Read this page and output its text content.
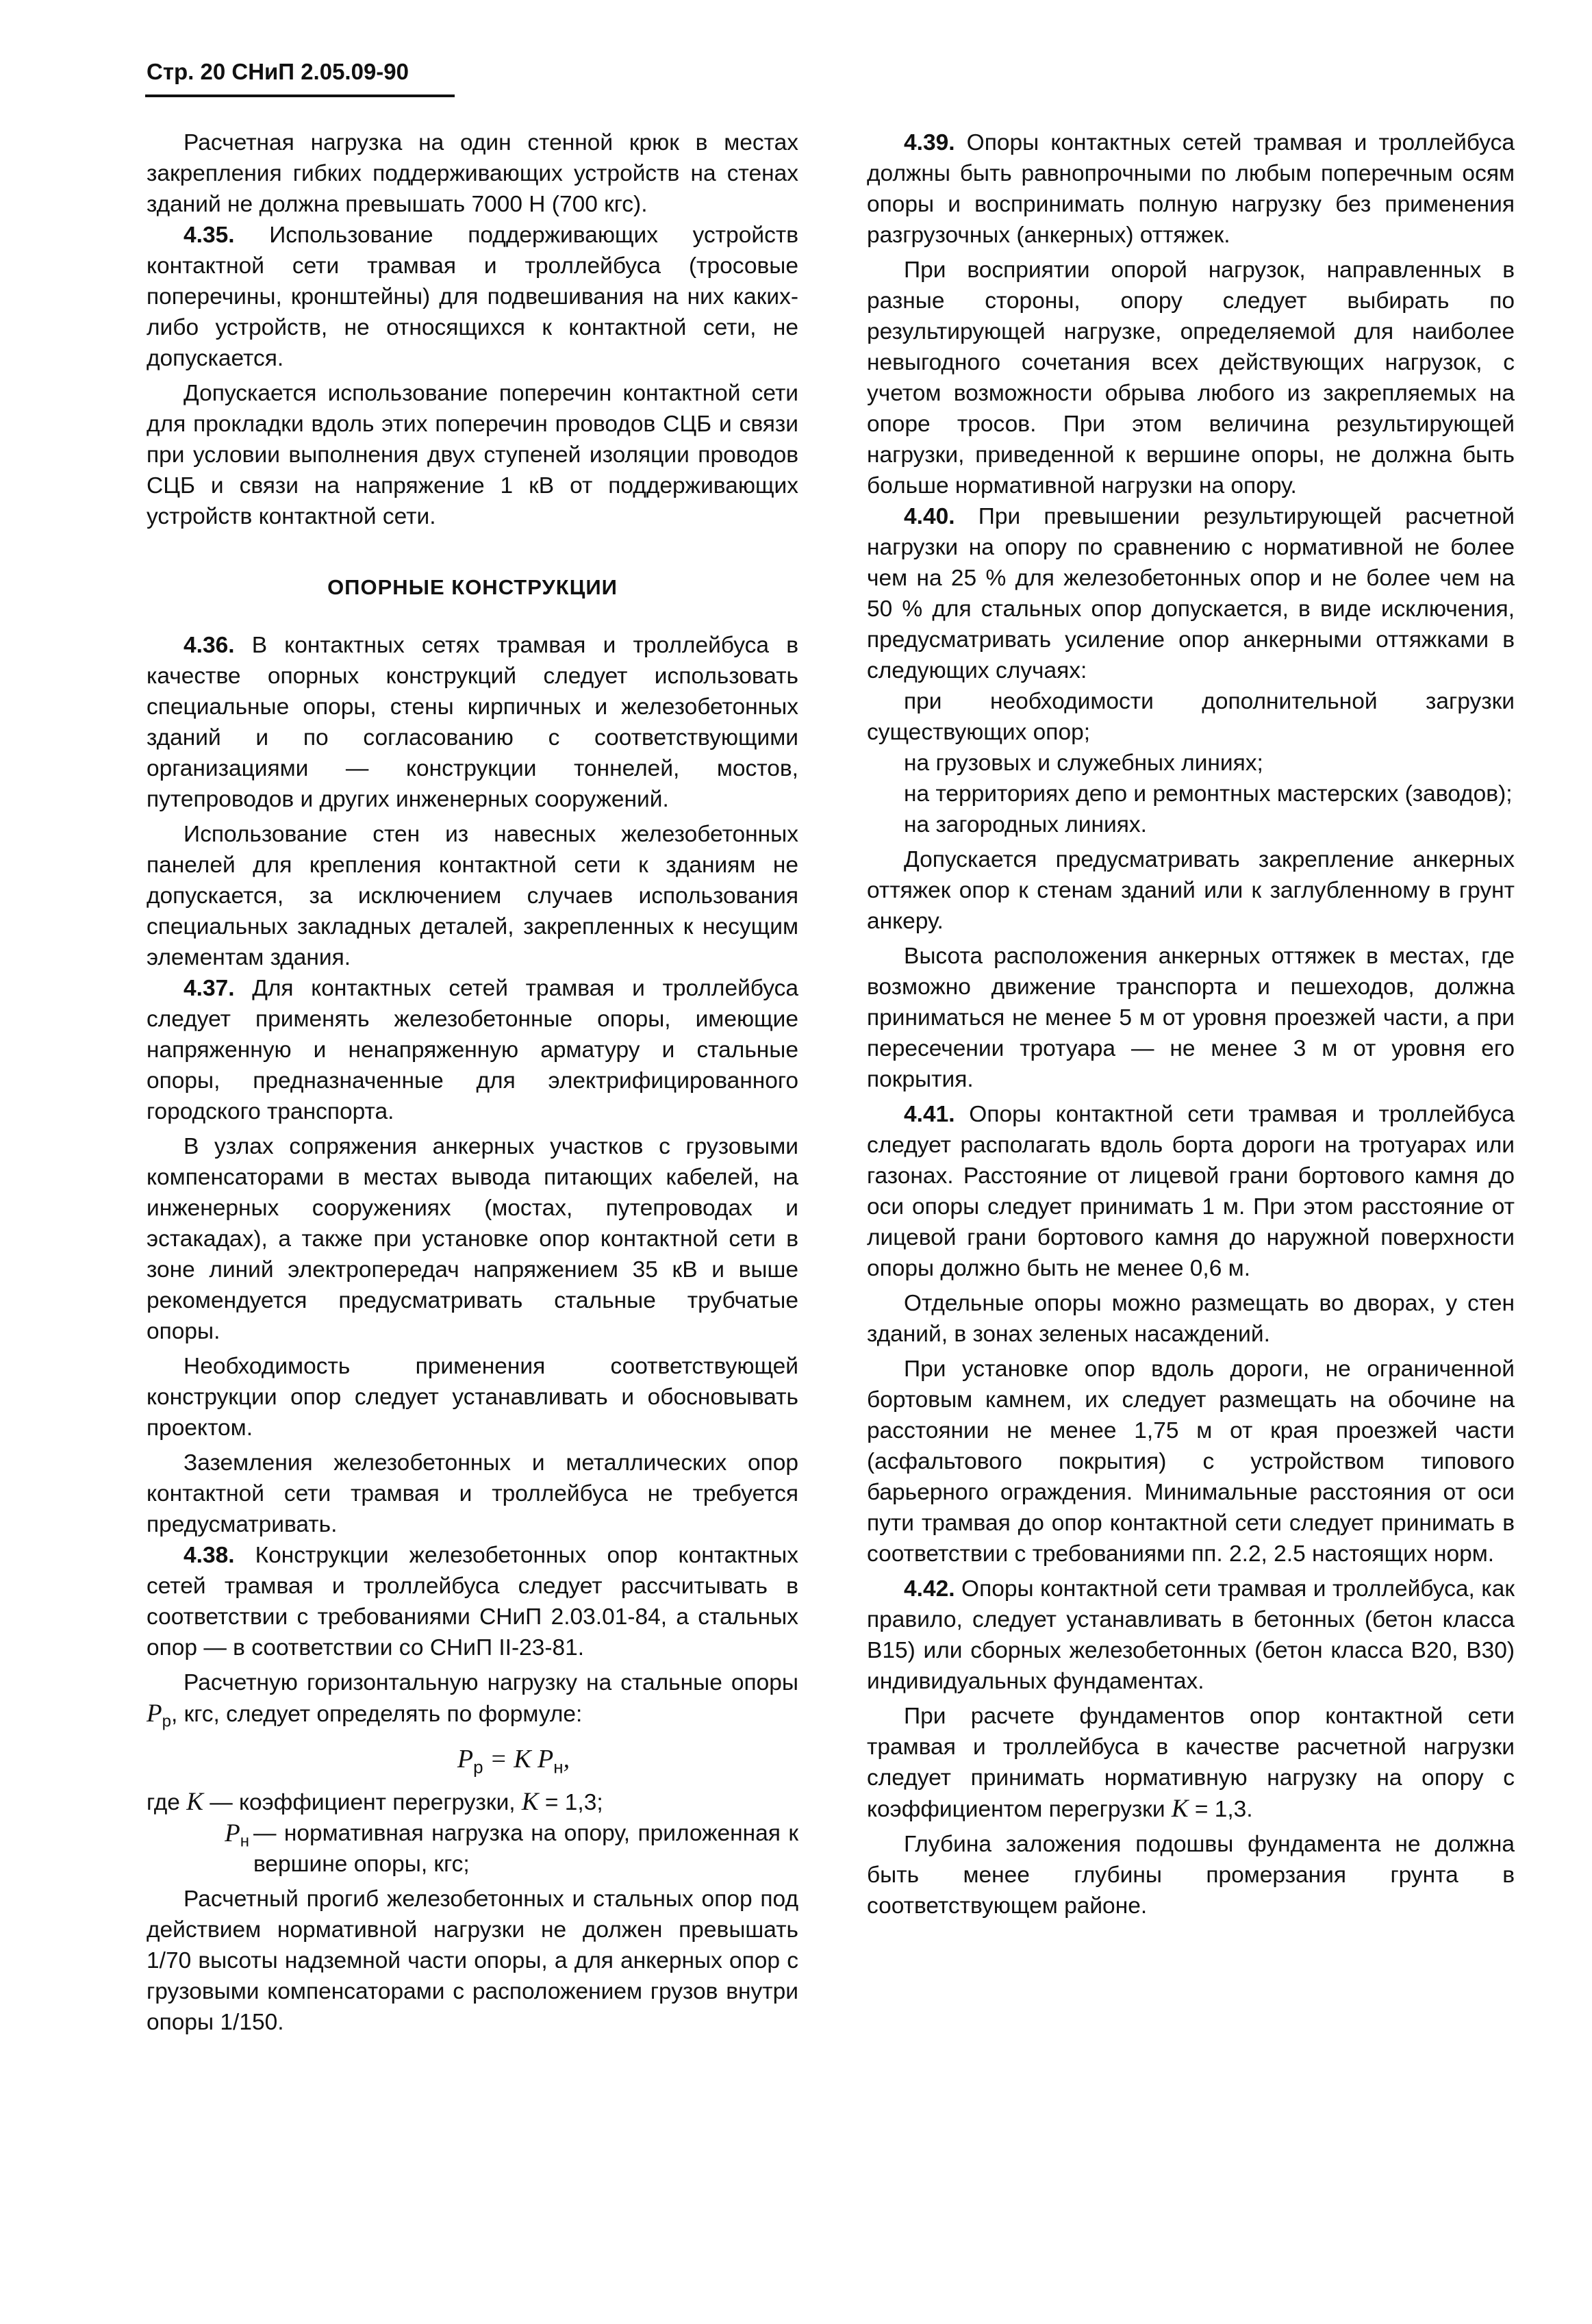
Стр. 20 СНиП 2.05.09-90

Расчетная нагрузка на один стенной крюк в местах закрепления гибких поддерживающих устройств на стенах зданий не должна превышать 7000 Н (700 кгс).

4.35. Использование поддерживающих устройств контактной сети трамвая и троллейбуса (тросовые поперечины, кронштейны) для подвешивания на них каких-либо устройств, не относящихся к контактной сети, не допускается.

Допускается использование поперечин контактной сети для прокладки вдоль этих поперечин проводов СЦБ и связи при условии выполнения двух ступеней изоляции проводов СЦБ и связи на напряжение 1 кВ от поддерживающих устройств контактной сети.

ОПОРНЫЕ КОНСТРУКЦИИ

4.36. В контактных сетях трамвая и троллейбуса в качестве опорных конструкций следует использовать специальные опоры, стены кирпичных и железобетонных зданий и по согласованию с соответствующими организациями — конструкции тоннелей, мостов, путепроводов и других инженерных сооружений.

Использование стен из навесных железобетонных панелей для крепления контактной сети к зданиям не допускается, за исключением случаев использования специальных закладных деталей, закрепленных к несущим элементам здания.

4.37. Для контактных сетей трамвая и троллейбуса следует применять железобетонные опоры, имеющие напряженную и ненапряженную арматуру и стальные опоры, предназначенные для электрифицированного городского транспорта.

В узлах сопряжения анкерных участков с грузовыми компенсаторами в местах вывода питающих кабелей, на инженерных сооружениях (мостах, путепроводах и эстакадах), а также при установке опор контактной сети в зоне линий электропередач напряжением 35 кВ и выше рекомендуется предусматривать стальные трубчатые опоры.

Необходимость применения соответствующей конструкции опор следует устанавливать и обосновывать проектом.

Заземления железобетонных и металлических опор контактной сети трамвая и троллейбуса не требуется предусматривать.

4.38. Конструкции железобетонных опор контактных сетей трамвая и троллейбуса следует рассчитывать в соответствии с требованиями СНиП 2.03.01-84, а стальных опор — в соответствии со СНиП II-23-81.

Расчетную горизонтальную нагрузку на стальные опоры $P_р$, кгс, следует определять по формуле:

$P_р = K$ $P_н$,

где K — коэффициент перегрузки, K = 1,3;

$P_н$ — нормативная нагрузка на опору, приложенная к вершине опоры, кгс;

Расчетный прогиб железобетонных и стальных опор под действием нормативной нагрузки не должен превышать 1/70 высоты надземной части опоры, а для анкерных опор с грузовыми компенсаторами с расположением грузов внутри опоры 1/150.

4.39. Опоры контактных сетей трамвая и троллейбуса должны быть равнопрочными по любым поперечным осям опоры и воспринимать полную нагрузку без применения разгрузочных (анкерных) оттяжек.

При восприятии опорой нагрузок, направленных в разные стороны, опору следует выбирать по результирующей нагрузке, определяемой для наиболее невыгодного сочетания всех действующих нагрузок, с учетом возможности обрыва любого из закрепляемых на опоре тросов. При этом величина результирующей нагрузки, приведенной к вершине опоры, не должна быть больше нормативной нагрузки на опору.

4.40. При превышении результирующей расчетной нагрузки на опору по сравнению с нормативной не более чем на 25 % для железобетонных опор и не более чем на 50 % для стальных опор допускается, в виде исключения, предусматривать усиление опор анкерными оттяжками в следующих случаях:

при необходимости дополнительной загрузки существующих опор;

на грузовых и служебных линиях;

на территориях депо и ремонтных мастерских (заводов);

на загородных линиях.

Допускается предусматривать закрепление анкерных оттяжек опор к стенам зданий или к заглубленному в грунт анкеру.

Высота расположения анкерных оттяжек в местах, где возможно движение транспорта и пешеходов, должна приниматься не менее 5 м от уровня проезжей части, а при пересечении тротуара — не менее 3 м от уровня его покрытия.

4.41. Опоры контактной сети трамвая и троллейбуса следует располагать вдоль борта дороги на тротуарах или газонах. Расстояние от лицевой грани бортового камня до оси опоры следует принимать 1 м. При этом расстояние от лицевой грани бортового камня до наружной поверхности опоры должно быть не менее 0,6 м.

Отдельные опоры можно размещать во дворах, у стен зданий, в зонах зеленых насаждений.

При установке опор вдоль дороги, не ограниченной бортовым камнем, их следует размещать на обочине на расстоянии не менее 1,75 м от края проезжей части (асфальтового покрытия) с устройством типового барьерного ограждения. Минимальные расстояния от оси пути трамвая до опор контактной сети следует принимать в соответствии с требованиями пп. 2.2, 2.5 настоящих норм.

4.42. Опоры контактной сети трамвая и троллейбуса, как правило, следует устанавливать в бетонных (бетон класса В15) или сборных железобетонных (бетон класса В20, В30) индивидуальных фундаментах.

При расчете фундаментов опор контактной сети трамвая и троллейбуса в качестве расчетной нагрузки следует принимать нормативную нагрузку на опору с коэффициентом перегрузки K = 1,3.

Глубина заложения подошвы фундамента не должна быть менее глубины промерзания грунта в соответствующем районе.
